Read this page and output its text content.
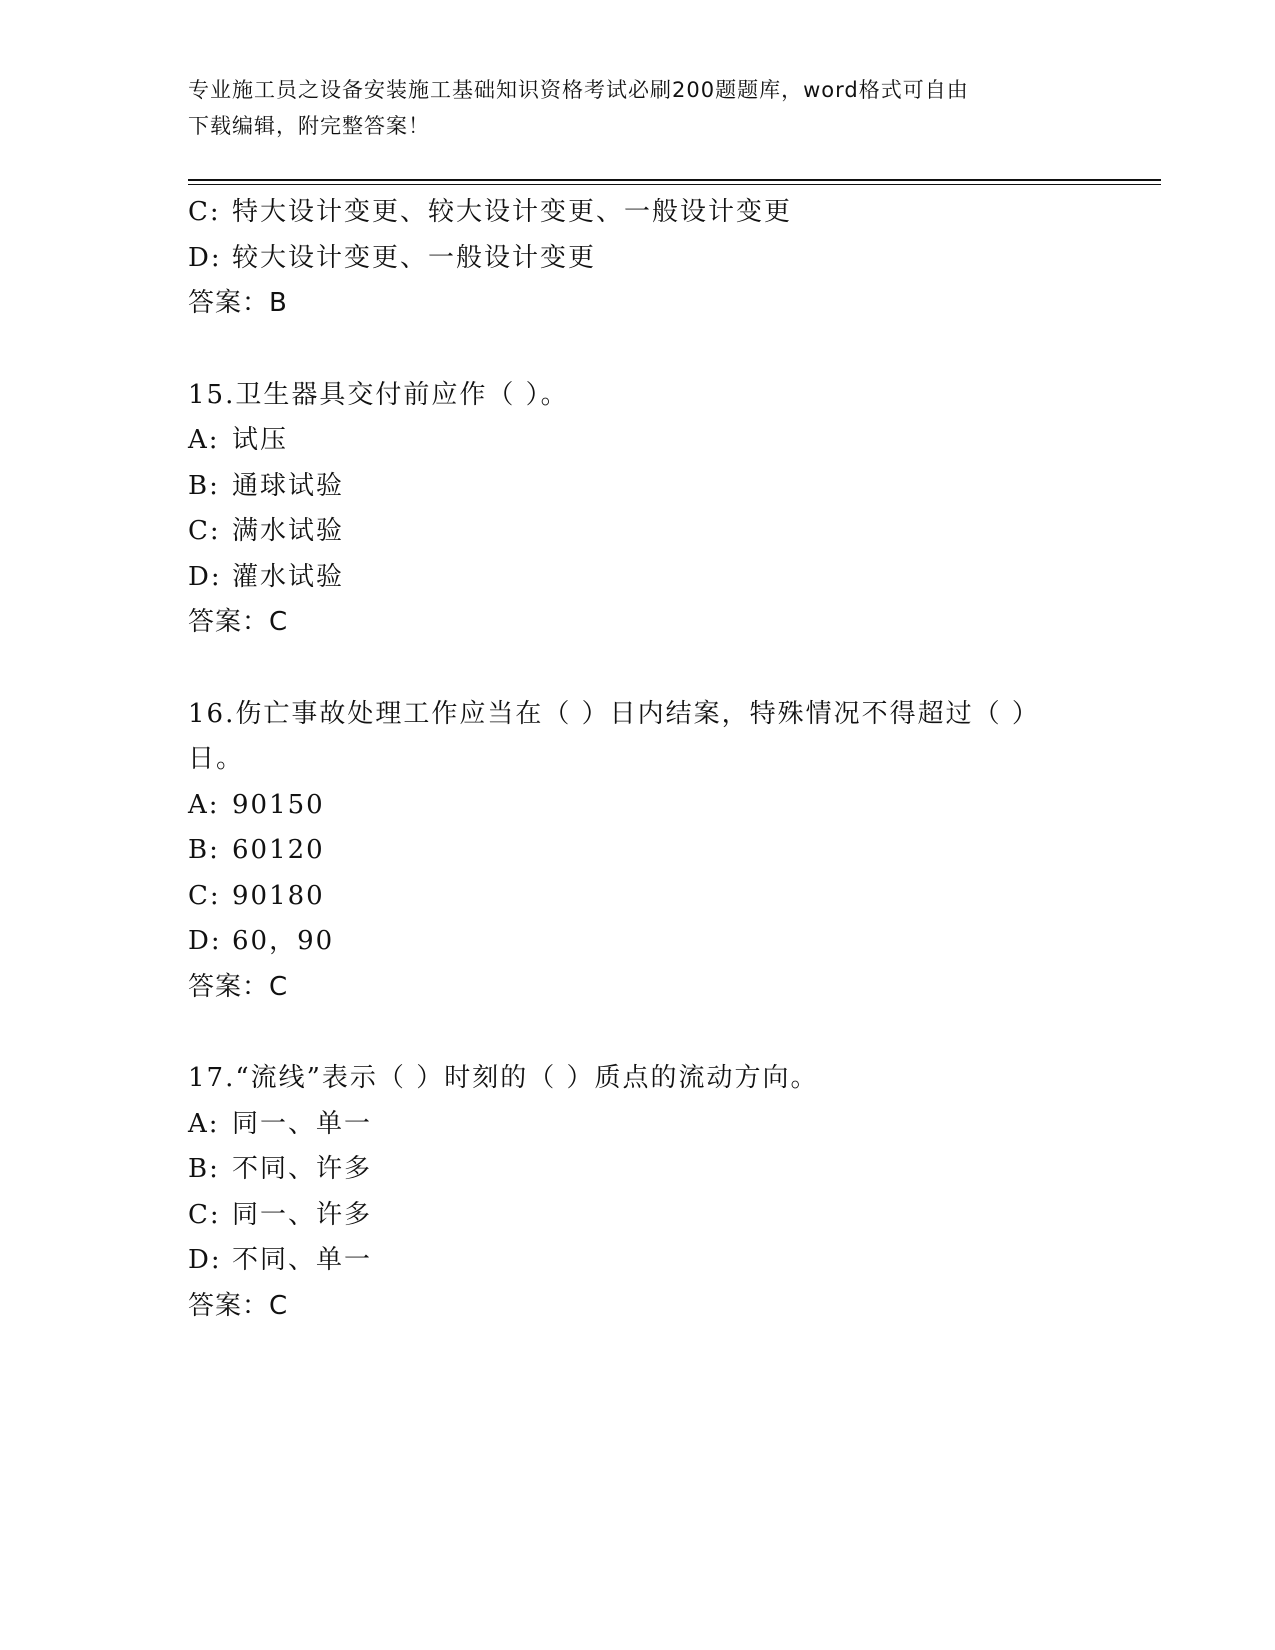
专业施工员之设备安装施工基础知识资格考试必刷200题题库，word格式可自由
下载编辑，附完整答案！
C: 特大设计变更、较大设计变更、一般设计变更
D: 较大设计变更、一般设计变更
答案：B
15.卫生器具交付前应作（ ）。
A: 试压
B: 通球试验
C: 满水试验
D: 灌水试验
答案：C
16.伤亡事故处理工作应当在（ ）日内结案，特殊情况不得超过（ ）
日。
A: 90150
B: 60120
C: 90180
D: 60，90
答案：C
17.“流线”表示（ ）时刻的（ ）质点的流动方向。
A: 同一、单一
B: 不同、许多
C: 同一、许多
D: 不同、单一
答案：C
